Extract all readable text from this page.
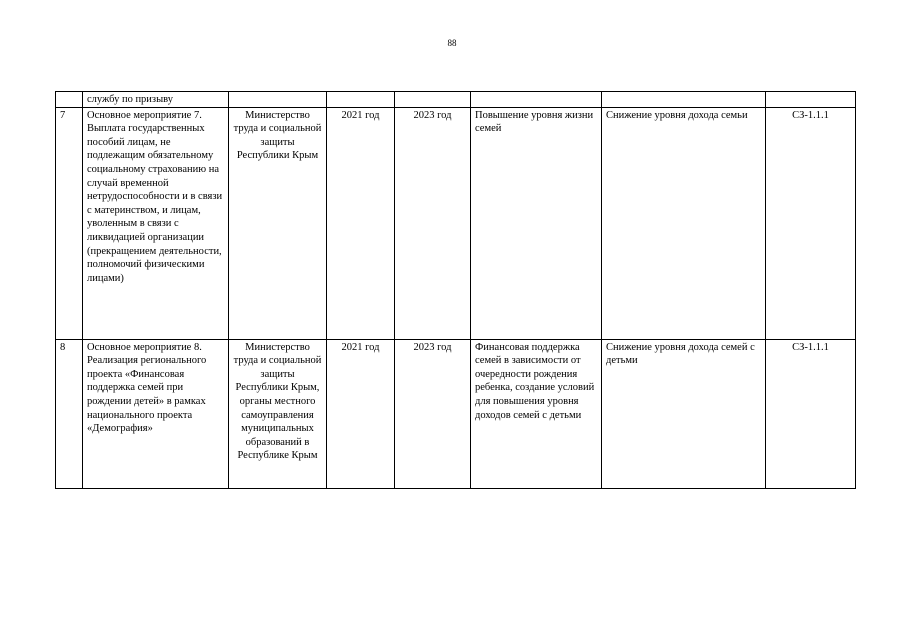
88
	службу по призыву						
7	Основное мероприятие 7. Выплата государственных пособий лицам, не подлежащим обязательному социальному страхованию на случай временной нетрудоспособности и в связи с материнством, и лицам, уволенным в связи с ликвидацией организации (прекращением деятельности, полномочий физическими лицами)	Министерство труда и социальной защиты Республики Крым	2021 год	2023 год	Повышение уровня жизни семей	Снижение уровня дохода семьи	СЗ-1.1.1
8	Основное мероприятие 8. Реализация регионального проекта «Финансовая поддержка семей при рождении детей» в рамках национального проекта «Демография»	Министерство труда и социальной защиты Республики Крым, органы местного самоуправления муниципальных образований в Республике Крым	2021 год	2023 год	Финансовая поддержка семей в зависимости от очередности рождения ребенка, создание условий для повышения уровня доходов семей с детьми	Снижение уровня дохода семей с детьми	СЗ-1.1.1
